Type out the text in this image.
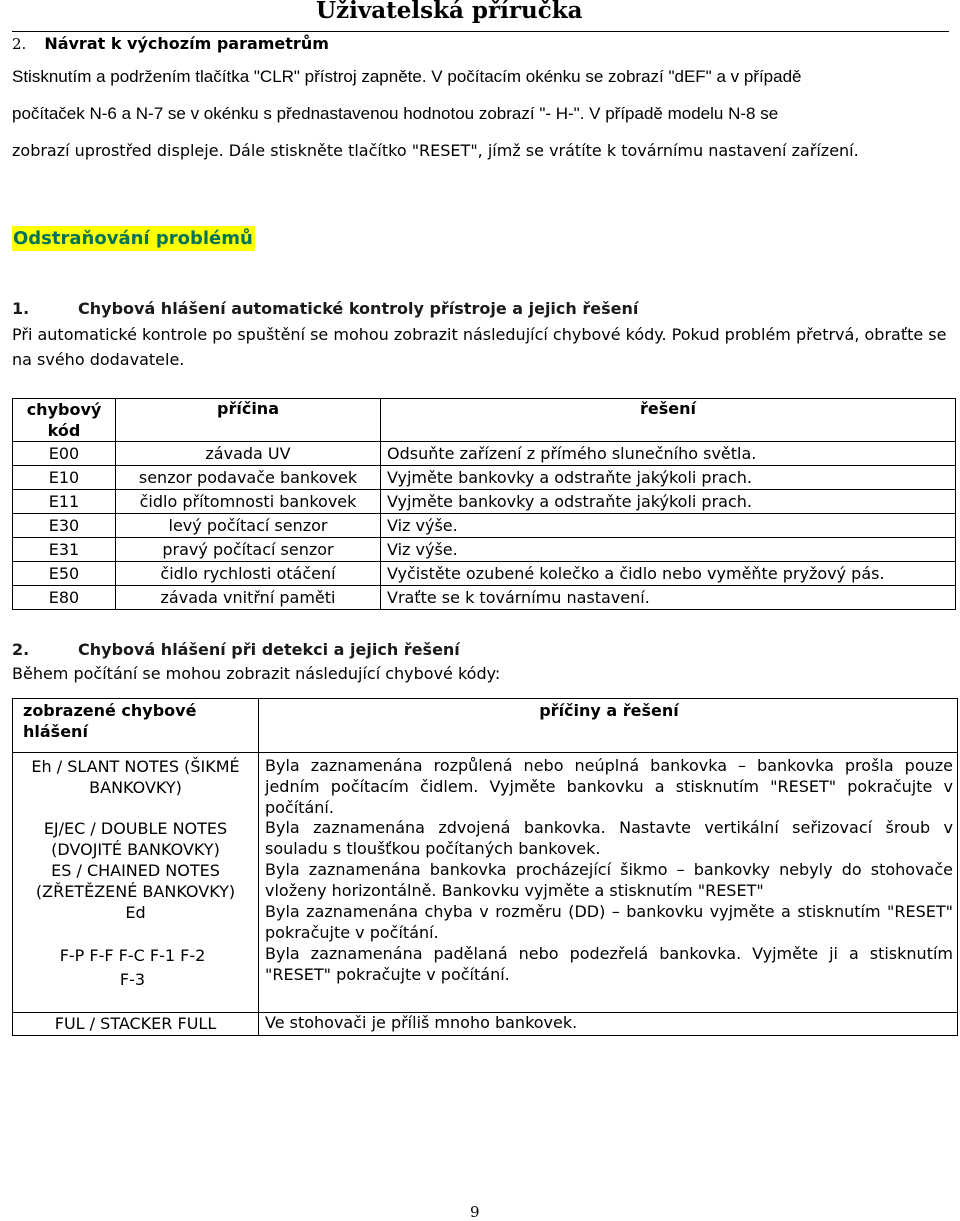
Uživatelská příručka
2. Návrat k výchozím parametrům

Stisknutím a podržením tlačítka "CLR" přístroj zapněte. V počítacím okénku se zobrazí "dEF" a v případě

počítaček N-6 a N-7 se v okénku s přednastavenou hodnotou zobrazí "- H-". V případě modelu N-8 se

zobrazí uprostřed displeje. Dále stiskněte tlačítko "RESET", jímž se vrátíte k továrnímu nastavení zařízení.

Odstraňování problémů
1.	Chybová hlášení automatické kontroly přístroje a jejich řešení
Při automatické kontrole po spuštění se mohou zobrazit následující chybové kódy. Pokud problém přetrvá, obraťte se na svého dodavatele.
chybový kód	příčina	řešení
E00	závada UV	Odsuňte zařízení z přímého slunečního světla.
E10	senzor podavače bankovek	Vyjměte bankovky a odstraňte jakýkoli prach.
E11	čidlo přítomnosti bankovek	Vyjměte bankovky a odstraňte jakýkoli prach.
E30	levý počítací senzor	Viz výše.
E31	pravý počítací senzor	Viz výše.
E50	čidlo rychlosti otáčení	Vyčistěte ozubené kolečko a čidlo nebo vyměňte pryžový pás.
E80	závada vnitřní paměti	Vraťte se k továrnímu nastavení.
2.	Chybová hlášení při detekci a jejich řešení
Během počítání se mohou zobrazit následující chybové kódy:
zobrazené chybové hlášení	příčiny a řešení
Eh / SLANT NOTES (ŠIKMÉ BANKOVKY)	Byla zaznamenána rozpůlená nebo neúplná bankovka – bankovka prošla pouze jedním počítacím čidlem. Vyjměte bankovku a stisknutím "RESET" pokračujte v počítání.
EJ/EC / DOUBLE NOTES (DVOJITÉ BANKOVKY)	Byla zaznamenána zdvojená bankovka. Nastavte vertikální seřizovací šroub v souladu s tloušťkou počítaných bankovek.
ES / CHAINED NOTES (ZŘETĚZENÉ BANKOVKY)	Byla zaznamenána bankovka procházející šikmo – bankovky nebyly do stohovače vloženy horizontálně. Bankovku vyjměte a stisknutím "RESET"
Ed	Byla zaznamenána chyba v rozměru (DD) – bankovku vyjměte a stisknutím "RESET" pokračujte v počítání.
F-P F-F F-C F-1 F-2 F-3	Byla zaznamenána padělaná nebo podezřelá bankovka. Vyjměte ji a stisknutím "RESET" pokračujte v počítání.
FUL / STACKER FULL	Ve stohovači je příliš mnoho bankovek.
9
